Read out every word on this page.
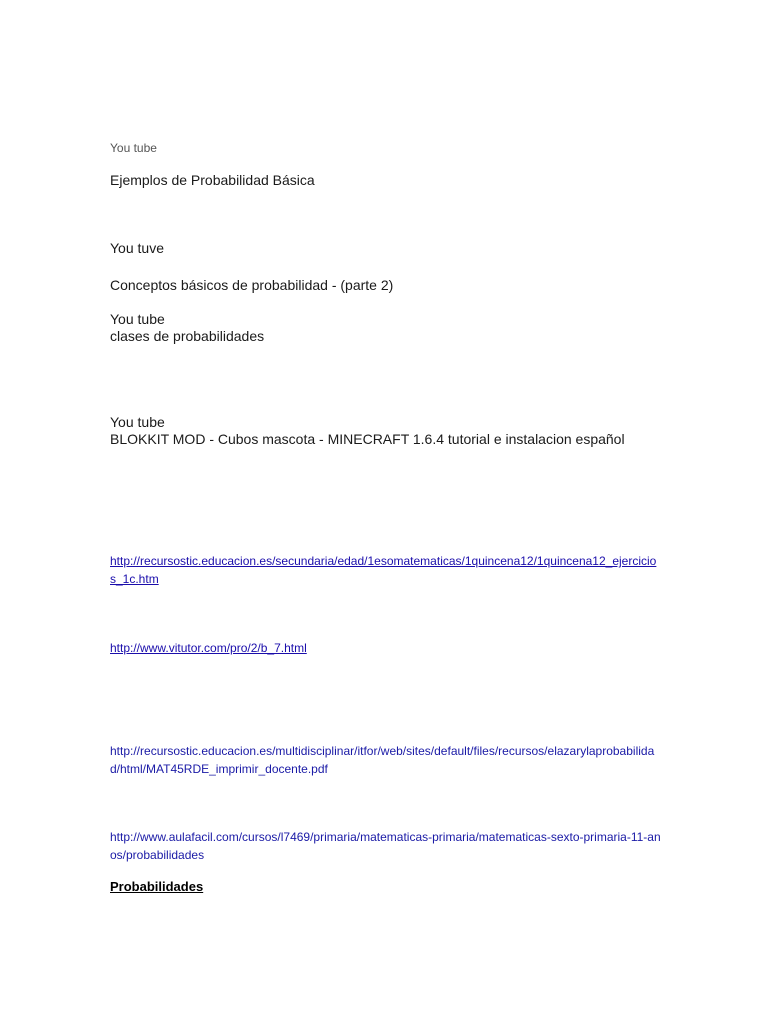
You tube

Ejemplos de Probabilidad Básica

You tuve

Conceptos básicos de probabilidad - (parte 2)

You tube
clases de probabilidades
You tube
BLOKKIT MOD - Cubos mascota - MINECRAFT 1.6.4 tutorial e instalacion español
http://recursostic.educacion.es/secundaria/edad/1esomatematicas/1quincena12/1quincena12_ejercicios_1c.htm
http://www.vitutor.com/pro/2/b_7.html
http://recursostic.educacion.es/multidisciplinar/itfor/web/sites/default/files/recursos/elazarylaprobabilidad/html/MAT45RDE_imprimir_docente.pdf
http://www.aulafacil.com/cursos/l7469/primaria/matematicas-primaria/matematicas-sexto-primaria-11-anos/probabilidades

Probabilidades
